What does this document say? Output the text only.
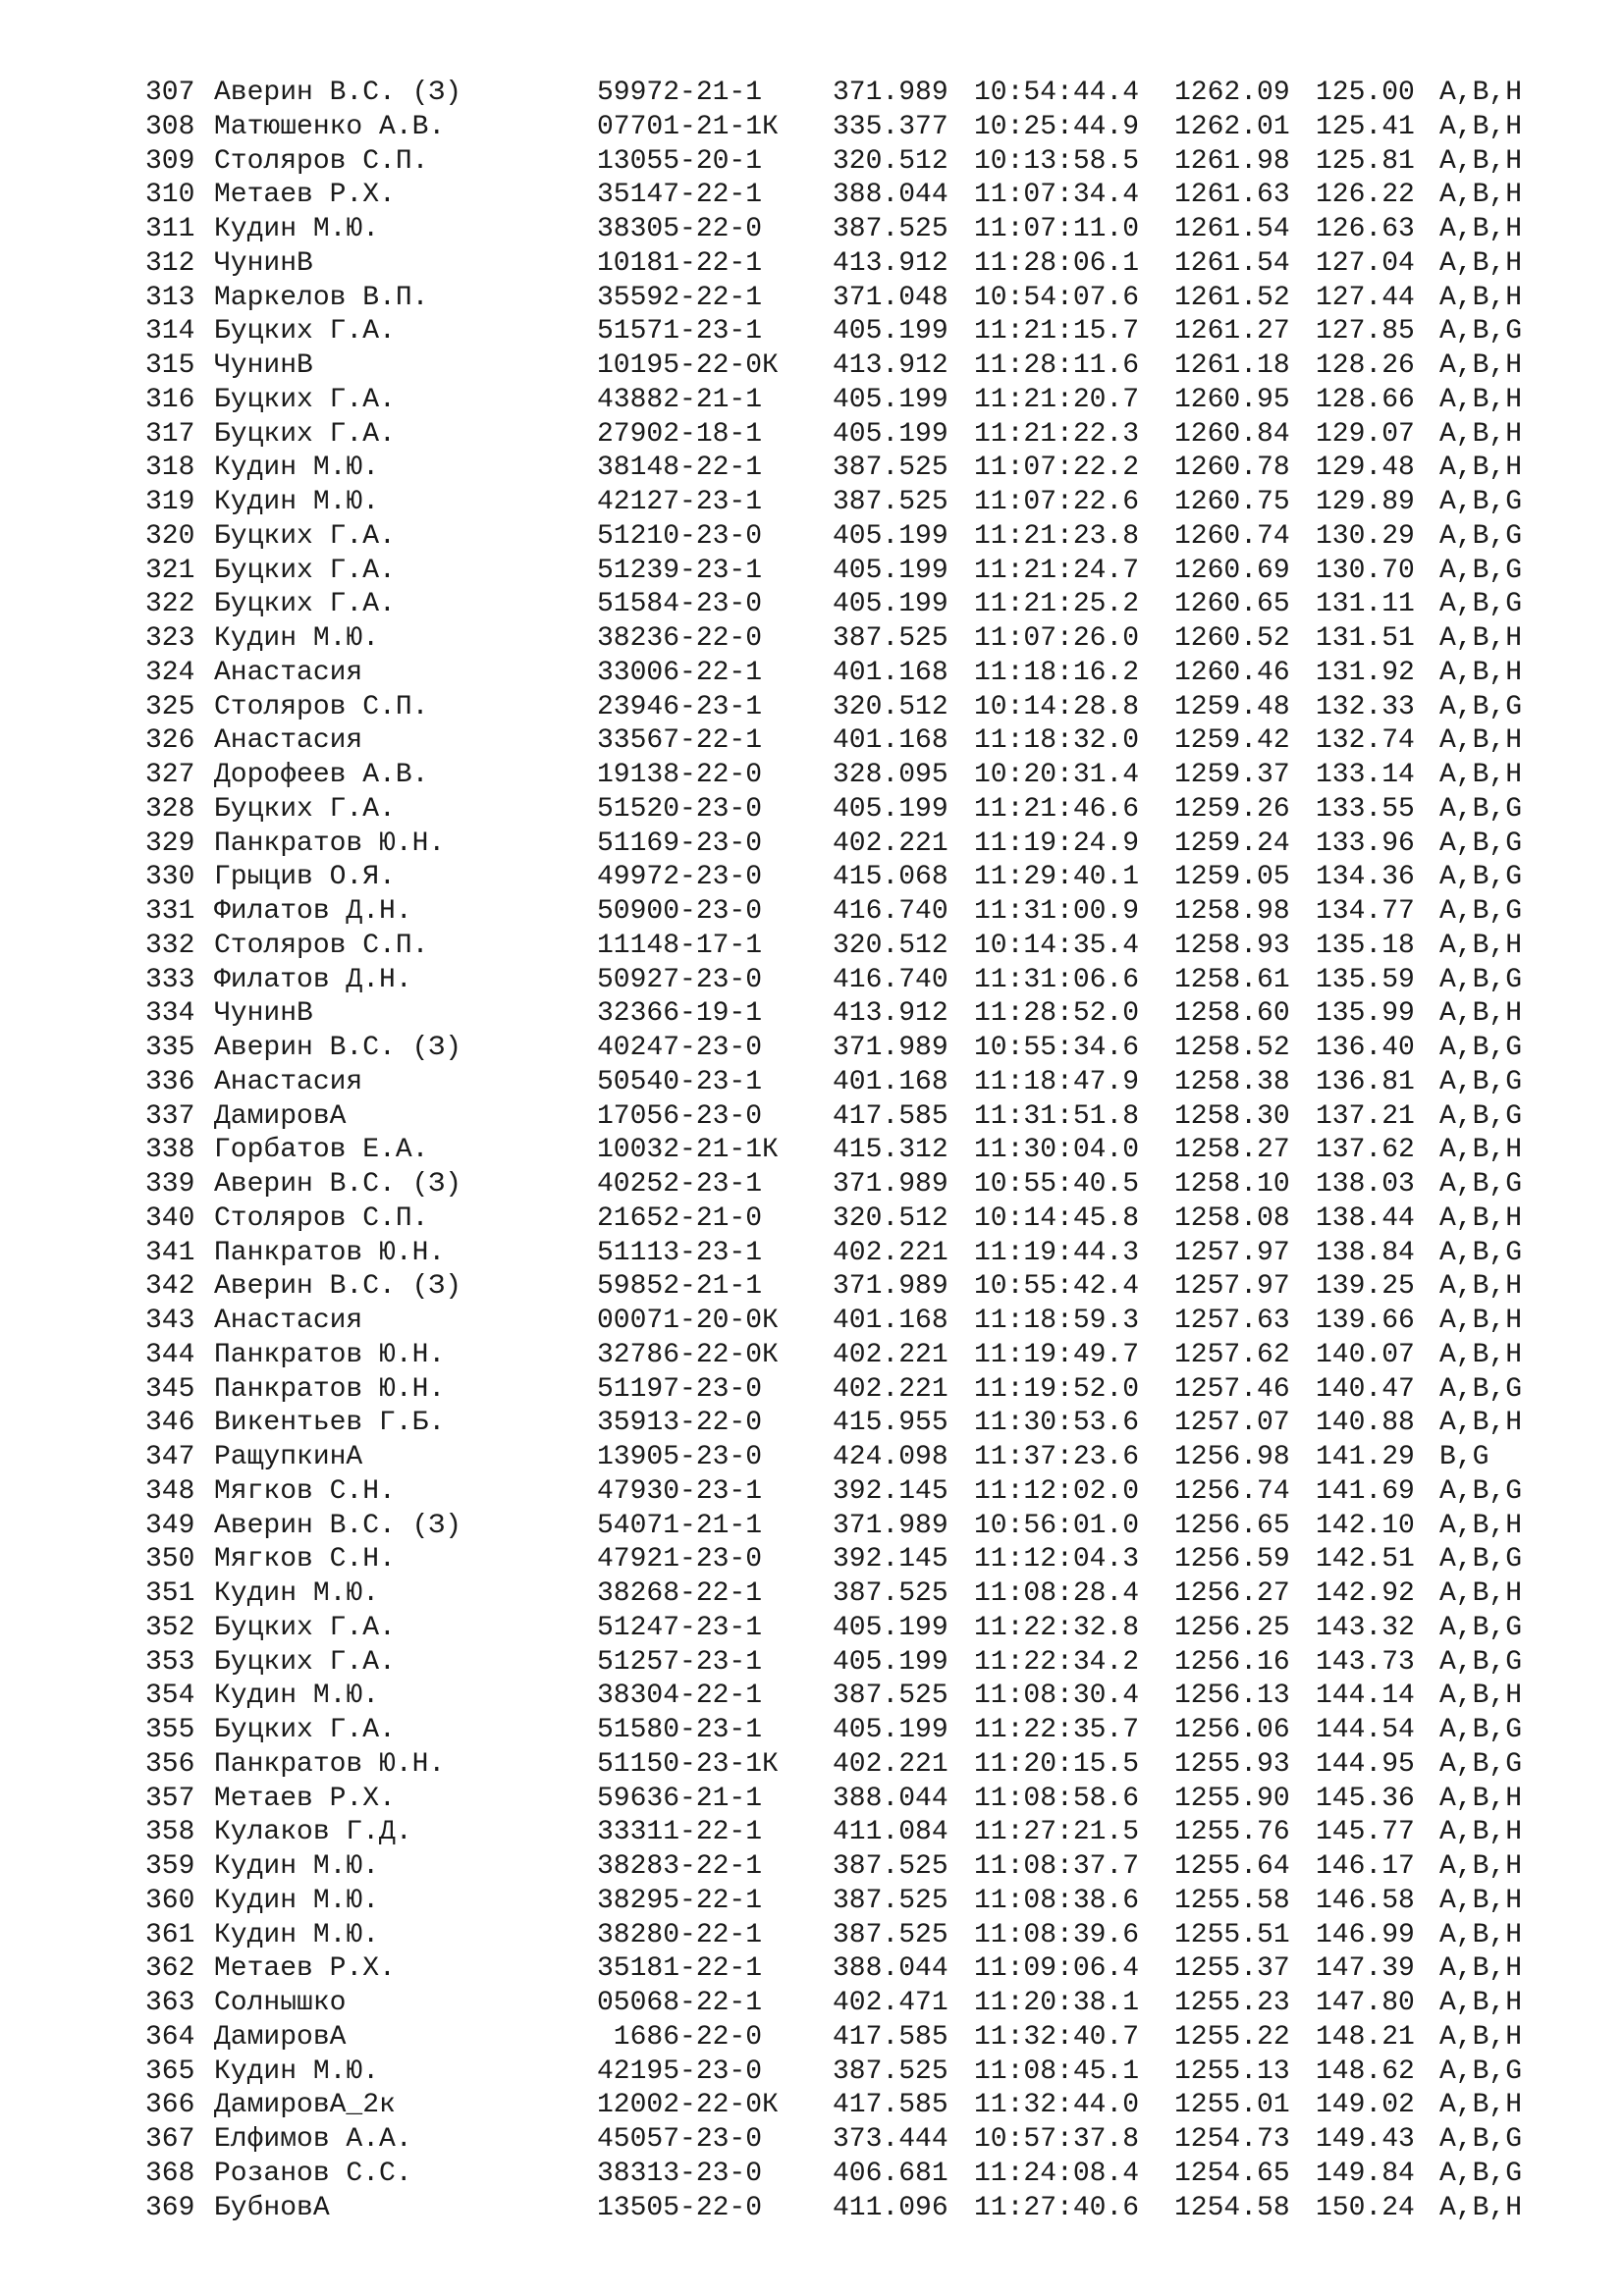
307 Аверин В.С. (З)	59972-21-1	371.989 10:54:44.4	1262.09 125.00 A,B,H
308 Матюшенко А.В.	07701-21-1К	335.377 10:25:44.9	1262.01 125.41 A,B,H
309 Столяров С.П.	13055-20-1	320.512 10:13:58.5	1261.98 125.81 A,B,H
310 Метаев Р.Х.	35147-22-1	388.044 11:07:34.4	1261.63 126.22 A,B,H
311 Кудин М.Ю.	38305-22-0	387.525 11:07:11.0	1261.54 126.63 A,B,H
312 ЧунинВ	10181-22-1	413.912 11:28:06.1	1261.54 127.04 A,B,H
313 Маркелов В.П.	35592-22-1	371.048 10:54:07.6	1261.52 127.44 A,B,H
314 Буцких Г.А.	51571-23-1	405.199 11:21:15.7	1261.27 127.85 A,B,G
315 ЧунинВ	10195-22-0К	413.912 11:28:11.6	1261.18 128.26 A,B,H
316 Буцких Г.А.	43882-21-1	405.199 11:21:20.7	1260.95 128.66 A,B,H
317 Буцких Г.А.	27902-18-1	405.199 11:21:22.3	1260.84 129.07 A,B,H
318 Кудин М.Ю.	38148-22-1	387.525 11:07:22.2	1260.78 129.48 A,B,H
319 Кудин М.Ю.	42127-23-1	387.525 11:07:22.6	1260.75 129.89 A,B,G
320 Буцких Г.А.	51210-23-0	405.199 11:21:23.8	1260.74 130.29 A,B,G
321 Буцких Г.А.	51239-23-1	405.199 11:21:24.7	1260.69 130.70 A,B,G
322 Буцких Г.А.	51584-23-0	405.199 11:21:25.2	1260.65 131.11 A,B,G
323 Кудин М.Ю.	38236-22-0	387.525 11:07:26.0	1260.52 131.51 A,B,H
324 Анастасия	33006-22-1	401.168 11:18:16.2	1260.46 131.92 A,B,H
325 Столяров С.П.	23946-23-1	320.512 10:14:28.8	1259.48 132.33 A,B,G
326 Анастасия	33567-22-1	401.168 11:18:32.0	1259.42 132.74 A,B,H
327 Дорофеев А.В.	19138-22-0	328.095 10:20:31.4	1259.37 133.14 A,B,H
328 Буцких Г.А.	51520-23-0	405.199 11:21:46.6	1259.26 133.55 A,B,G
329 Панкратов Ю.Н.	51169-23-0	402.221 11:19:24.9	1259.24 133.96 A,B,G
330 Грыцив О.Я.	49972-23-0	415.068 11:29:40.1	1259.05 134.36 A,B,G
331 Филатов Д.Н.	50900-23-0	416.740 11:31:00.9	1258.98 134.77 A,B,G
332 Столяров С.П.	11148-17-1	320.512 10:14:35.4	1258.93 135.18 A,B,H
333 Филатов Д.Н.	50927-23-0	416.740 11:31:06.6	1258.61 135.59 A,B,G
334 ЧунинВ	32366-19-1	413.912 11:28:52.0	1258.60 135.99 A,B,H
335 Аверин В.С. (З)	40247-23-0	371.989 10:55:34.6	1258.52 136.40 A,B,G
336 Анастасия	50540-23-1	401.168 11:18:47.9	1258.38 136.81 A,B,G
337 ДамировА	17056-23-0	417.585 11:31:51.8	1258.30 137.21 A,B,G
338 Горбатов Е.А.	10032-21-1К	415.312 11:30:04.0	1258.27 137.62 A,B,H
339 Аверин В.С. (З)	40252-23-1	371.989 10:55:40.5	1258.10 138.03 A,B,G
340 Столяров С.П.	21652-21-0	320.512 10:14:45.8	1258.08 138.44 A,B,H
341 Панкратов Ю.Н.	51113-23-1	402.221 11:19:44.3	1257.97 138.84 A,B,G
342 Аверин В.С. (З)	59852-21-1	371.989 10:55:42.4	1257.97 139.25 A,B,H
343 Анастасия	00071-20-0К	401.168 11:18:59.3	1257.63 139.66 A,B,H
344 Панкратов Ю.Н.	32786-22-0К	402.221 11:19:49.7	1257.62 140.07 A,B,H
345 Панкратов Ю.Н.	51197-23-0	402.221 11:19:52.0	1257.46 140.47 A,B,G
346 Викентьев Г.Б.	35913-22-0	415.955 11:30:53.6	1257.07 140.88 A,B,H
347 РащупкинА	13905-23-0	424.098 11:37:23.6	1256.98 141.29 B,G
348 Мягков С.Н.	47930-23-1	392.145 11:12:02.0	1256.74 141.69 A,B,G
349 Аверин В.С. (З)	54071-21-1	371.989 10:56:01.0	1256.65 142.10 A,B,H
350 Мягков С.Н.	47921-23-0	392.145 11:12:04.3	1256.59 142.51 A,B,G
351 Кудин М.Ю.	38268-22-1	387.525 11:08:28.4	1256.27 142.92 A,B,H
352 Буцких Г.А.	51247-23-1	405.199 11:22:32.8	1256.25 143.32 A,B,G
353 Буцких Г.А.	51257-23-1	405.199 11:22:34.2	1256.16 143.73 A,B,G
354 Кудин М.Ю.	38304-22-1	387.525 11:08:30.4	1256.13 144.14 A,B,H
355 Буцких Г.А.	51580-23-1	405.199 11:22:35.7	1256.06 144.54 A,B,G
356 Панкратов Ю.Н.	51150-23-1К	402.221 11:20:15.5	1255.93 144.95 A,B,G
357 Метаев Р.Х.	59636-21-1	388.044 11:08:58.6	1255.90 145.36 A,B,H
358 Кулаков Г.Д.	33311-22-1	411.084 11:27:21.5	1255.76 145.77 A,B,H
359 Кудин М.Ю.	38283-22-1	387.525 11:08:37.7	1255.64 146.17 A,B,H
360 Кудин М.Ю.	38295-22-1	387.525 11:08:38.6	1255.58 146.58 A,B,H
361 Кудин М.Ю.	38280-22-1	387.525 11:08:39.6	1255.51 146.99 A,B,H
362 Метаев Р.Х.	35181-22-1	388.044 11:09:06.4	1255.37 147.39 A,B,H
363 Солнышко	05068-22-1	402.471 11:20:38.1	1255.23 147.80 A,B,H
364 ДамировА	1686-22-0	417.585 11:32:40.7	1255.22 148.21 A,B,H
365 Кудин М.Ю.	42195-23-0	387.525 11:08:45.1	1255.13 148.62 A,B,G
366 ДамировА_2к	12002-22-0К	417.585 11:32:44.0	1255.01 149.02 A,B,H
367 Елфимов А.А.	45057-23-0	373.444 10:57:37.8	1254.73 149.43 A,B,G
368 Розанов С.С.	38313-23-0	406.681 11:24:08.4	1254.65 149.84 A,B,G
369 БубновА	13505-22-0	411.096 11:27:40.6	1254.58 150.24 A,B,H
